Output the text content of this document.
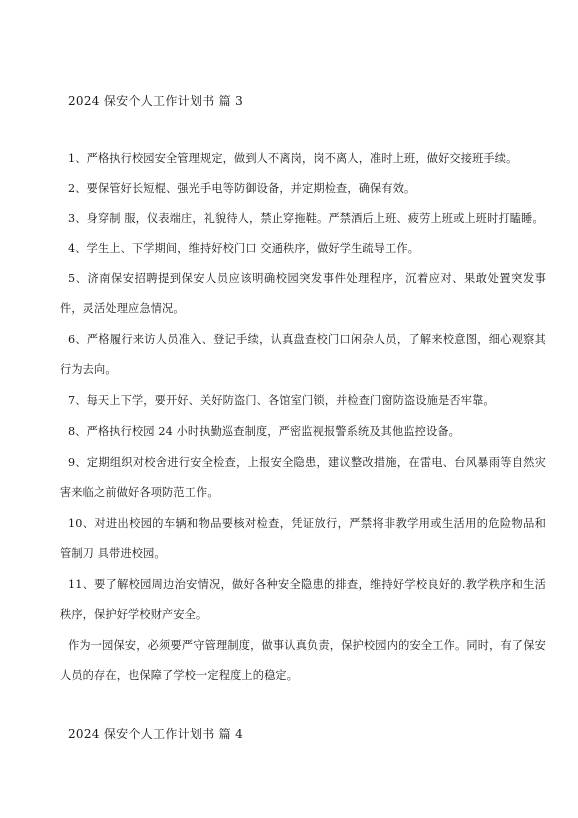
2024 保安个人工作计划书 篇 3
1、严格执行校园安全管理规定，做到人不离岗，岗不离人，准时上班，做好交接班手续。
2、要保管好长短棍、强光手电等防御设备，并定期检查，确保有效。
3、身穿制 服，仪表端庄，礼貌待人，禁止穿拖鞋。严禁酒后上班、疲劳上班或上班时打瞌睡。
4、学生上、下学期间，维持好校门口 交通秩序，做好学生疏导工作。
5、济南保安招聘提到保安人员应该明确校园突发事件处理程序，沉着应对、果敢处置突发事件，灵活处理应急情况。
6、严格履行来访人员准入、登记手续，认真盘查校门口闲杂人员，了解来校意图，细心观察其行为去向。
7、每天上下学，要开好、关好防盗门、各馆室门锁，并检查门窗防盗设施是否牢靠。
8、严格执行校园 24 小时执勤巡查制度，严密监视报警系统及其他监控设备。
9、定期组织对校舍进行安全检查，上报安全隐患，建议整改措施，在雷电、台风暴雨等自然灾害来临之前做好各项防范工作。
10、对进出校园的车辆和物品要核对检查，凭证放行，严禁将非教学用或生活用的危险物品和管制刀 具带进校园。
11、要了解校园周边治安情况，做好各种安全隐患的排查，维持好学校良好的.教学秩序和生活秩序，保护好学校财产安全。
作为一园保安，必须要严守管理制度，做事认真负责，保护校园内的安全工作。同时，有了保安人员的存在，也保障了学校一定程度上的稳定。
2024 保安个人工作计划书 篇 4
